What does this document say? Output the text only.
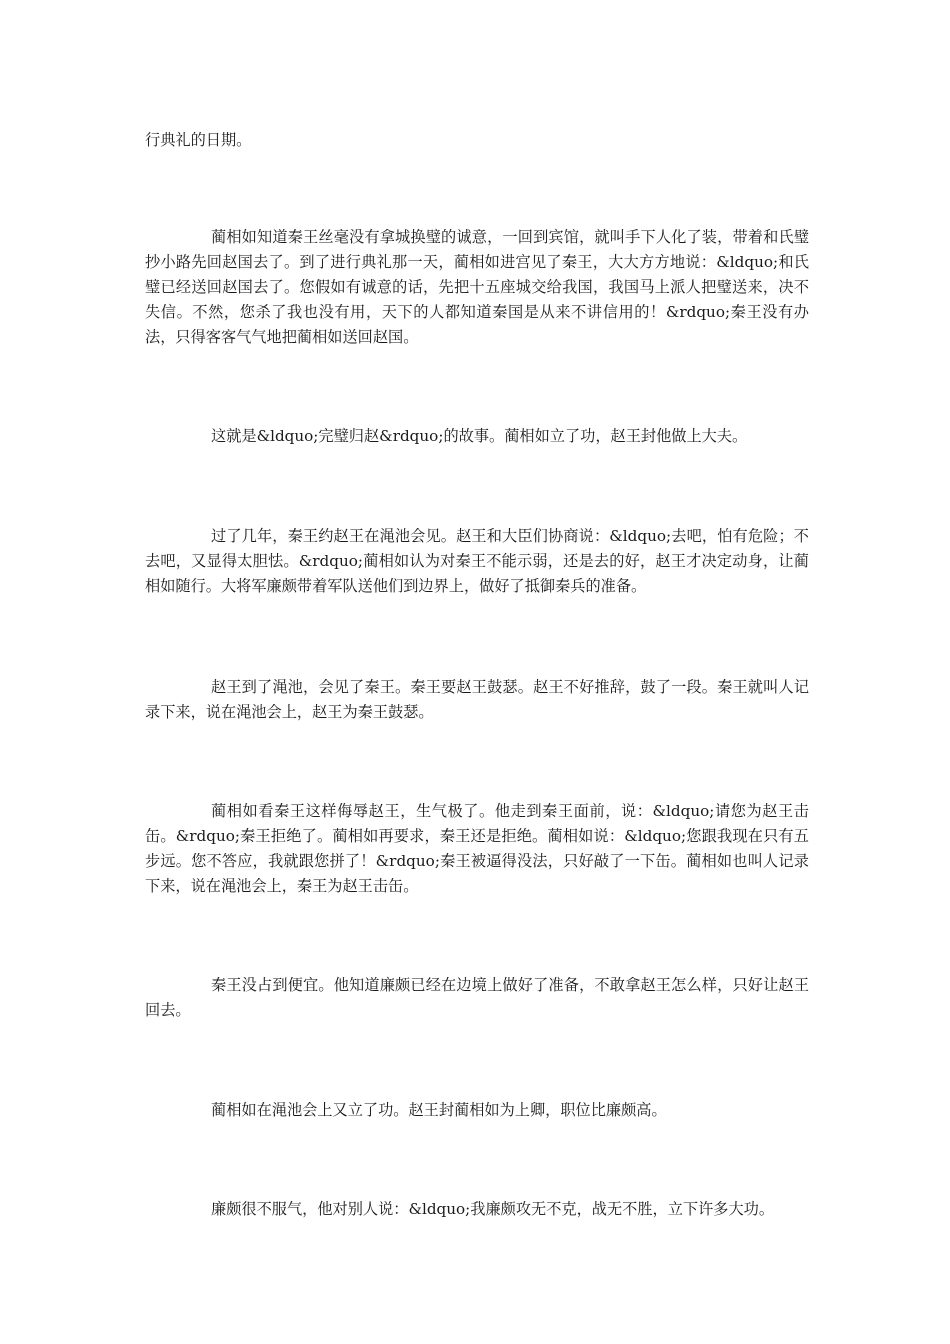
行典礼的日期。

蔺相如知道秦王丝毫没有拿城换璧的诚意，一回到宾馆，就叫手下人化了装，带着和氏璧抄小路先回赵国去了。到了进行典礼那一天，蔺相如进宫见了秦王，大大方方地说：&ldquo;和氏璧已经送回赵国去了。您假如有诚意的话，先把十五座城交给我国，我国马上派人把璧送来，决不失信。不然，您杀了我也没有用，天下的人都知道秦国是从来不讲信用的！&rdquo;秦王没有办法，只得客客气气地把蔺相如送回赵国。

这就是&ldquo;完璧归赵&rdquo;的故事。蔺相如立了功，赵王封他做上大夫。

过了几年，秦王约赵王在渑池会见。赵王和大臣们协商说：&ldquo;去吧，怕有危险；不去吧，又显得太胆怯。&rdquo;蔺相如认为对秦王不能示弱，还是去的好，赵王才决定动身，让蔺相如随行。大将军廉颇带着军队送他们到边界上，做好了抵御秦兵的准备。

赵王到了渑池，会见了秦王。秦王要赵王鼓瑟。赵王不好推辞，鼓了一段。秦王就叫人记录下来，说在渑池会上，赵王为秦王鼓瑟。

蔺相如看秦王这样侮辱赵王，生气极了。他走到秦王面前，说：&ldquo;请您为赵王击缶。&rdquo;秦王拒绝了。蔺相如再要求，秦王还是拒绝。蔺相如说：&ldquo;您跟我现在只有五步远。您不答应，我就跟您拼了！&rdquo;秦王被逼得没法，只好敲了一下缶。蔺相如也叫人记录下来，说在渑池会上，秦王为赵王击缶。

秦王没占到便宜。他知道廉颇已经在边境上做好了准备，不敢拿赵王怎么样，只好让赵王回去。

蔺相如在渑池会上又立了功。赵王封蔺相如为上卿，职位比廉颇高。

廉颇很不服气，他对别人说：&ldquo;我廉颇攻无不克，战无不胜，立下许多大功。
